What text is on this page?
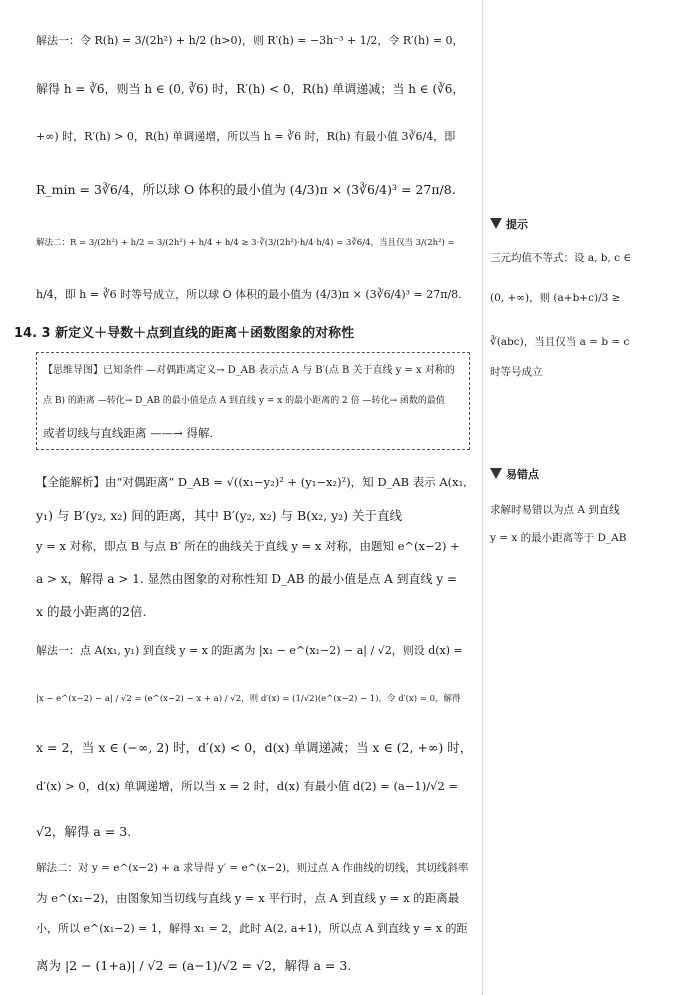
解法一：令 R(h) = 3/(2h²) + h/2 (h>0)，则 R′(h) = −3h⁻³ + 1/2，令 R′(h) = 0，
解得 h = ∛6，则当 h ∈ (0, ∛6) 时，R′(h) < 0，R(h) 单调递减；当 h ∈ (∛6，
+∞) 时，R′(h) > 0，R(h) 单调递增，所以当 h = ∛6 时，R(h) 有最小值 3∛6/4，即
R_min = 3∛6/4，所以球 O 体积的最小值为 (4/3)π × (3∛6/4)³ = 27π/8.
解法二：R = 3/(2h²) + h/2 = 3/(2h²) + h/4 + h/4 ≥ 3·∛(3/(2h²)·h/4·h/4) = 3∛6/4，当且仅当 3/(2h²) =
h/4，即 h = ∛6 时等号成立，所以球 O 体积的最小值为 (4/3)π × (3∛6/4)³ = 27π/8.
14. 3 新定义＋导数＋点到直线的距离＋函数图象的对称性
【思维导图】已知条件 —对偶距离定义→ D_AB 表示点 A 与 B′(点 B 关于直线 y = x 对称的
点 B) 的距离 —转化→ D_AB 的最小值是点 A 到直线 y = x 的最小距离的 2 倍 —转化→ 函数的最值
或者切线与直线距离 ——→ 得解.
【全能解析】由“对偶距离” D_AB = √((x₁−y₂)² + (y₁−x₂)²)，知 D_AB 表示 A(x₁,
y₁) 与 B′(y₂, x₂) 间的距离，其中 B′(y₂, x₂) 与 B(x₂, y₂) 关于直线
y = x 对称，即点 B 与点 B′ 所在的曲线关于直线 y = x 对称，由题知 e^(x−2) +
a > x，解得 a > 1. 显然由图象的对称性知 D_AB 的最小值是点 A 到直线 y =
x 的最小距离的2倍.
解法一：点 A(x₁, y₁) 到直线 y = x 的距离为 |x₁ − e^(x₁−2) − a| / √2，则设 d(x) =
|x − e^(x−2) − a| / √2 = (e^(x−2) − x + a) / √2，则 d′(x) = (1/√2)(e^(x−2) − 1)，令 d′(x) = 0，解得
x = 2，当 x ∈ (−∞, 2) 时，d′(x) < 0，d(x) 单调递减；当 x ∈ (2, +∞) 时，
d′(x) > 0，d(x) 单调递增，所以当 x = 2 时，d(x) 有最小值 d(2) = (a−1)/√2 =
√2，解得 a = 3.
解法二：对 y = e^(x−2) + a 求导得 y′ = e^(x−2)，则过点 A 作曲线的切线，其切线斜率
为 e^(x₁−2)，由图象知当切线与直线 y = x 平行时，点 A 到直线 y = x 的距离最
小，所以 e^(x₁−2) = 1，解得 x₁ = 2，此时 A(2, a+1)，所以点 A 到直线 y = x 的距
离为 |2 − (1+a)| / √2 = (a−1)/√2 = √2，解得 a = 3.
提示
三元均值不等式：设 a, b, c ∈
(0, +∞)，则 (a+b+c)/3 ≥
∛(abc)，当且仅当 a = b = c
时等号成立
易错点
求解时易错以为点 A 到直线
y = x 的最小距离等于 D_AB
